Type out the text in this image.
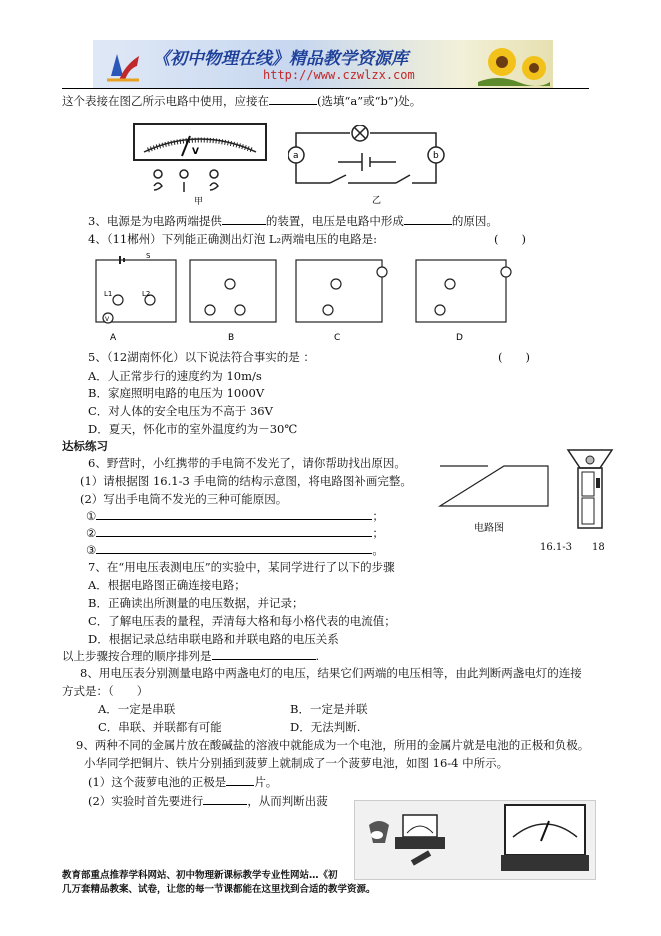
《初中物理在线》精品教学资源库
http://www.czwlzx.com
这个表接在图乙所示电路中使用，应接在	(选填“a”或“b”)处。
V
甲
a	b
乙
3、电源是为电路两端提供	的装置，电压是电路中形成	的原因。
4、（11郴州）下列能正确测出灯泡 L₂两端电压的电路是:	(　　)
A	B	C	D
L1	L2
S
V
5、（12湖南怀化）以下说法符合事实的是 ：	(　　)
A．人正常步行的速度约为 10m/s
B．家庭照明电路的电压为 1000V
C．对人体的安全电压为不高于 36V
D．夏天，怀化市的室外温度约为－30℃
达标练习
6、野营时，小红携带的手电筒不发光了，请你帮助找出原因。
(1）请根据图 16.1-3 手电筒的结构示意图，将电路图补画完整。
(2）写出手电筒不发光的三种可能原因。
①	；
②	；
③	。
电路图
16.1-3 18
7、在“用电压表测电压”的实验中，某同学进行了以下的步骤
A．根据电路图正确连接电路；
B．正确读出所测量的电压数据，并记录；
C．了解电压表的量程，弄清每大格和每小格代表的电流值；
D．根据记录总结串联电路和并联电路的电压关系
以上步骤按合理的顺序排列是	.
8、用电压表分别测量电路中两盏电灯的电压，结果它们两端的电压相等，由此判断两盏电灯的连接
方式是：（　　）
A．一定是串联	B．一定是并联
C．串联、并联都有可能	D．无法判断.
9、两种不同的金属片放在酸碱盐的溶液中就能成为一个电池，所用的金属片就是电池的正极和负极。
小华同学把铜片、铁片分别插到菠萝上就制成了一个菠萝电池，如图 16-4 中所示。
(1）这个菠萝电池的正极是 片。
(2）实验时首先要进行	，从而判断出菠
教育部重点推荐学科网站、初中物理新课标教学专业性网站…《初
几万套精品教案、试卷，让您的每一节课都能在这里找到合适的教学资源。
